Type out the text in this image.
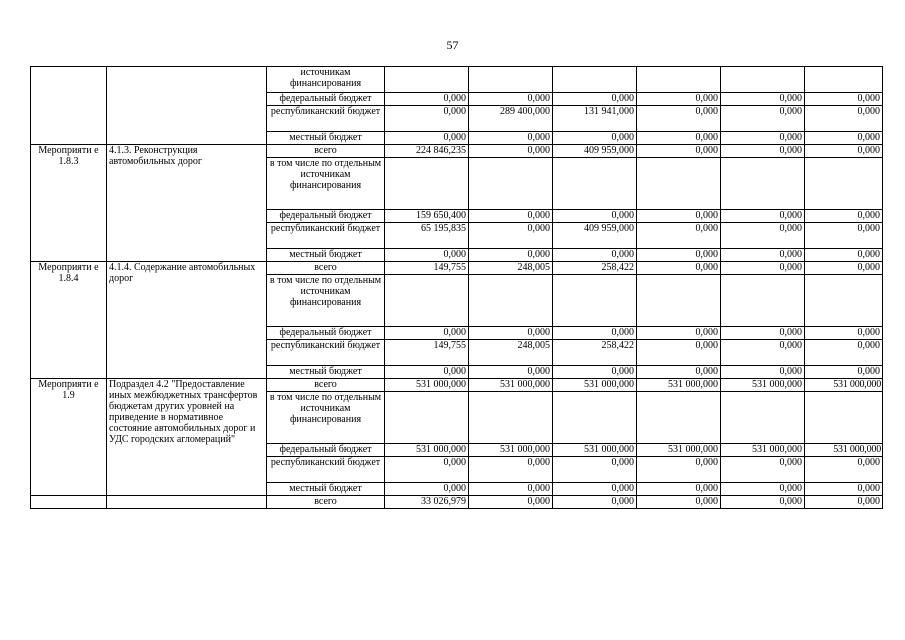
57
		источникам финансирования						
		федеральный бюджет	0,000	0,000	0,000	0,000	0,000	0,000
		республиканский бюджет	0,000	289 400,000	131 941,000	0,000	0,000	0,000
		местный бюджет	0,000	0,000	0,000	0,000	0,000	0,000
Мероприяти е 1.8.3	4.1.3. Реконструкция автомобильных дорог	всего	224 846,235	0,000	409 959,000	0,000	0,000	0,000
		в том числе по отдельным источникам финансирования						
		федеральный бюджет	159 650,400	0,000	0,000	0,000	0,000	0,000
		республиканский бюджет	65 195,835	0,000	409 959,000	0,000	0,000	0,000
		местный бюджет	0,000	0,000	0,000	0,000	0,000	0,000
Мероприяти е 1.8.4	4.1.4. Содержание автомобильных дорог	всего	149,755	248,005	258,422	0,000	0,000	0,000
		в том числе по отдельным источникам финансирования						
		федеральный бюджет	0,000	0,000	0,000	0,000	0,000	0,000
		республиканский бюджет	149,755	248,005	258,422	0,000	0,000	0,000
		местный бюджет	0,000	0,000	0,000	0,000	0,000	0,000
Мероприяти е 1.9	Подраздел 4.2 "Предоставление иных межбюджетных трансфертов бюджетам других уровней на приведение в нормативное состояние автомобильных дорог и УДС городских агломераций"	всего	531 000,000	531 000,000	531 000,000	531 000,000	531 000,000	531 000,000
		в том числе по отдельным источникам финансирования						
		федеральный бюджет	531 000,000	531 000,000	531 000,000	531 000,000	531 000,000	531 000,000
		республиканский бюджет	0,000	0,000	0,000	0,000	0,000	0,000
		местный бюджет	0,000	0,000	0,000	0,000	0,000	0,000
		всего	33 026,979	0,000	0,000	0,000	0,000	0,000
